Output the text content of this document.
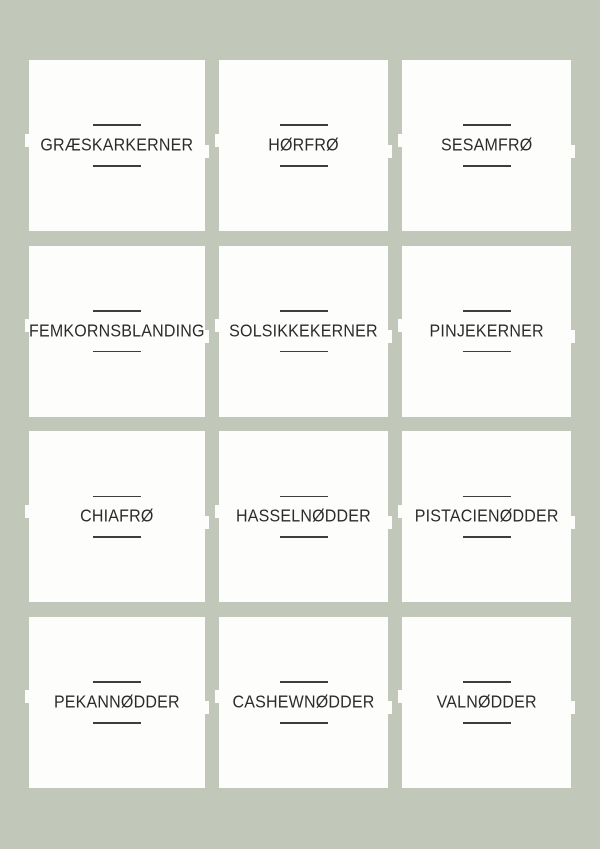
GRÆSKARKERNER	HØRFRØ	SESAMFRØ
FEMKORNSBLANDING SOLSIKKEKERNER	PINJEKERNER
CHIAFRØ	HASSELNØDDER	PISTACIENØDDER
PEKANNØDDER	CASHEWNØDDER	VALNØDDER
